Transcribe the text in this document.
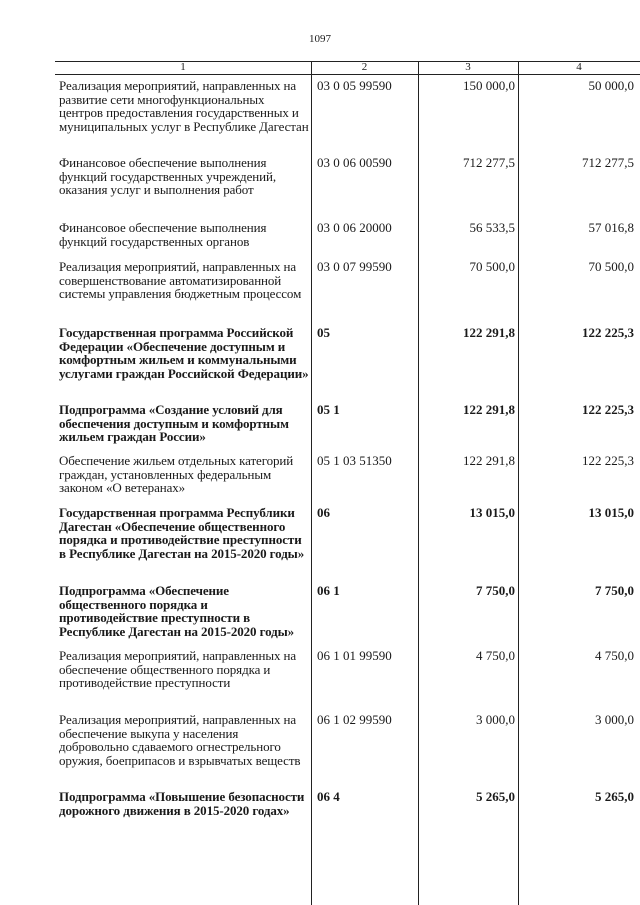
1097
1	2	3	4
Реализация мероприятий, направленных на развитие сети многофункциональных центров предоставления государственных и муниципальных услуг в Республике Дагестан
03 0 05 99590	150 000,0	50 000,0
Финансовое обеспечение выполнения функций государственных учреждений, оказания услуг и выполнения работ
03 0 06 00590	712 277,5	712 277,5
Финансовое обеспечение выполнения функций государственных органов
03 0 06 20000	56 533,5	57 016,8
Реализация мероприятий, направленных на совершенствование автоматизированной системы управления бюджетным процессом
03 0 07 99590	70 500,0	70 500,0
Государственная программа Российской Федерации «Обеспечение доступным и комфортным жильем и коммунальными услугами граждан Российской Федерации»
05	122 291,8	122 225,3
Подпрограмма «Создание условий для обеспечения доступным и комфортным жильем граждан России»
05 1	122 291,8	122 225,3
Обеспечение жильем отдельных категорий граждан, установленных федеральным законом «О ветеранах»
05 1 03 51350	122 291,8	122 225,3
Государственная программа Республики Дагестан «Обеспечение общественного порядка и противодействие преступности в Республике Дагестан на 2015-2020 годы»
06	13 015,0	13 015,0
Подпрограмма «Обеспечение общественного порядка и противодействие преступности в Республике Дагестан на 2015-2020 годы»
06 1	7 750,0	7 750,0
Реализация мероприятий, направленных на обеспечение общественного порядка и противодействие преступности
06 1 01 99590	4 750,0	4 750,0
Реализация мероприятий, направленных на обеспечение выкупа у населения добровольно сдаваемого огнестрельного оружия, боеприпасов и взрывчатых веществ
06 1 02 99590	3 000,0	3 000,0
Подпрограмма «Повышение безопасности дорожного движения в 2015-2020 годах»
06 4	5 265,0	5 265,0
